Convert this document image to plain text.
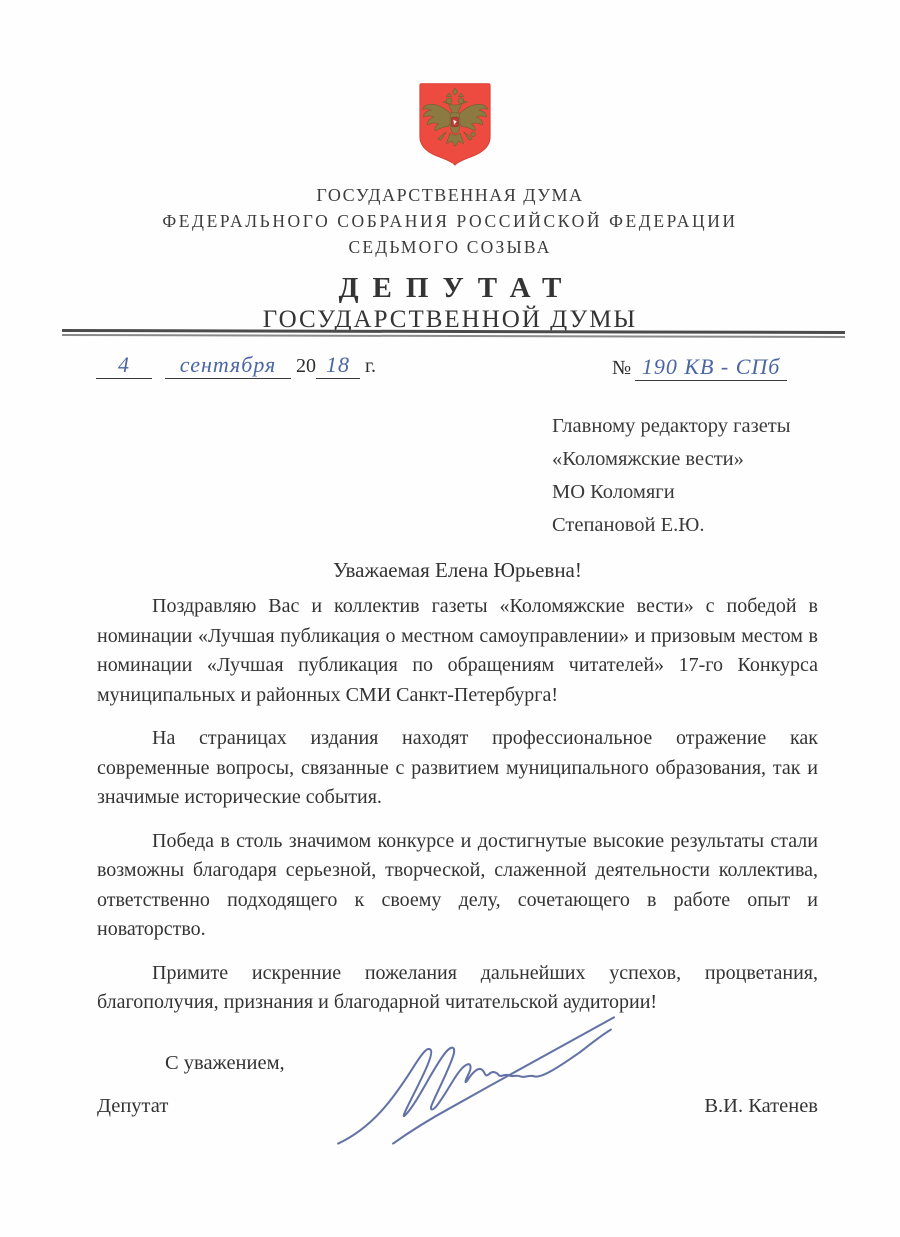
ГОСУДАРСТВЕННАЯ ДУМА
ФЕДЕРАЛЬНОГО СОБРАНИЯ РОССИЙСКОЙ ФЕДЕРАЦИИ
СЕДЬМОГО СОЗЫВА
ДЕПУТАТ
ГОСУДАРСТВЕННОЙ ДУМЫ
4 сентября 20 18 г.	№ 190 КВ - СПб
Главному редактору газеты
«Коломяжские вести»
МО Коломяги
Степановой Е.Ю.
Уважаемая Елена Юрьевна!

Поздравляю Вас и коллектив газеты «Коломяжские вести» с победой в номинации «Лучшая публикация о местном самоуправлении» и призовым местом в номинации «Лучшая публикация по обращениям читателей» 17-го Конкурса муниципальных и районных СМИ Санкт-Петербурга!

На страницах издания находят профессиональное отражение как современные вопросы, связанные с развитием муниципального образования, так и значимые исторические события.

Победа в столь значимом конкурсе и достигнутые высокие результаты стали возможны благодаря серьезной, творческой, слаженной деятельности коллектива, ответственно подходящего к своему делу, сочетающего в работе опыт и новаторство.

Примите искренние пожелания дальнейших успехов, процветания, благополучия, признания и благодарной читательской аудитории!

С уважением,
Депутат	В.И. Катенев
